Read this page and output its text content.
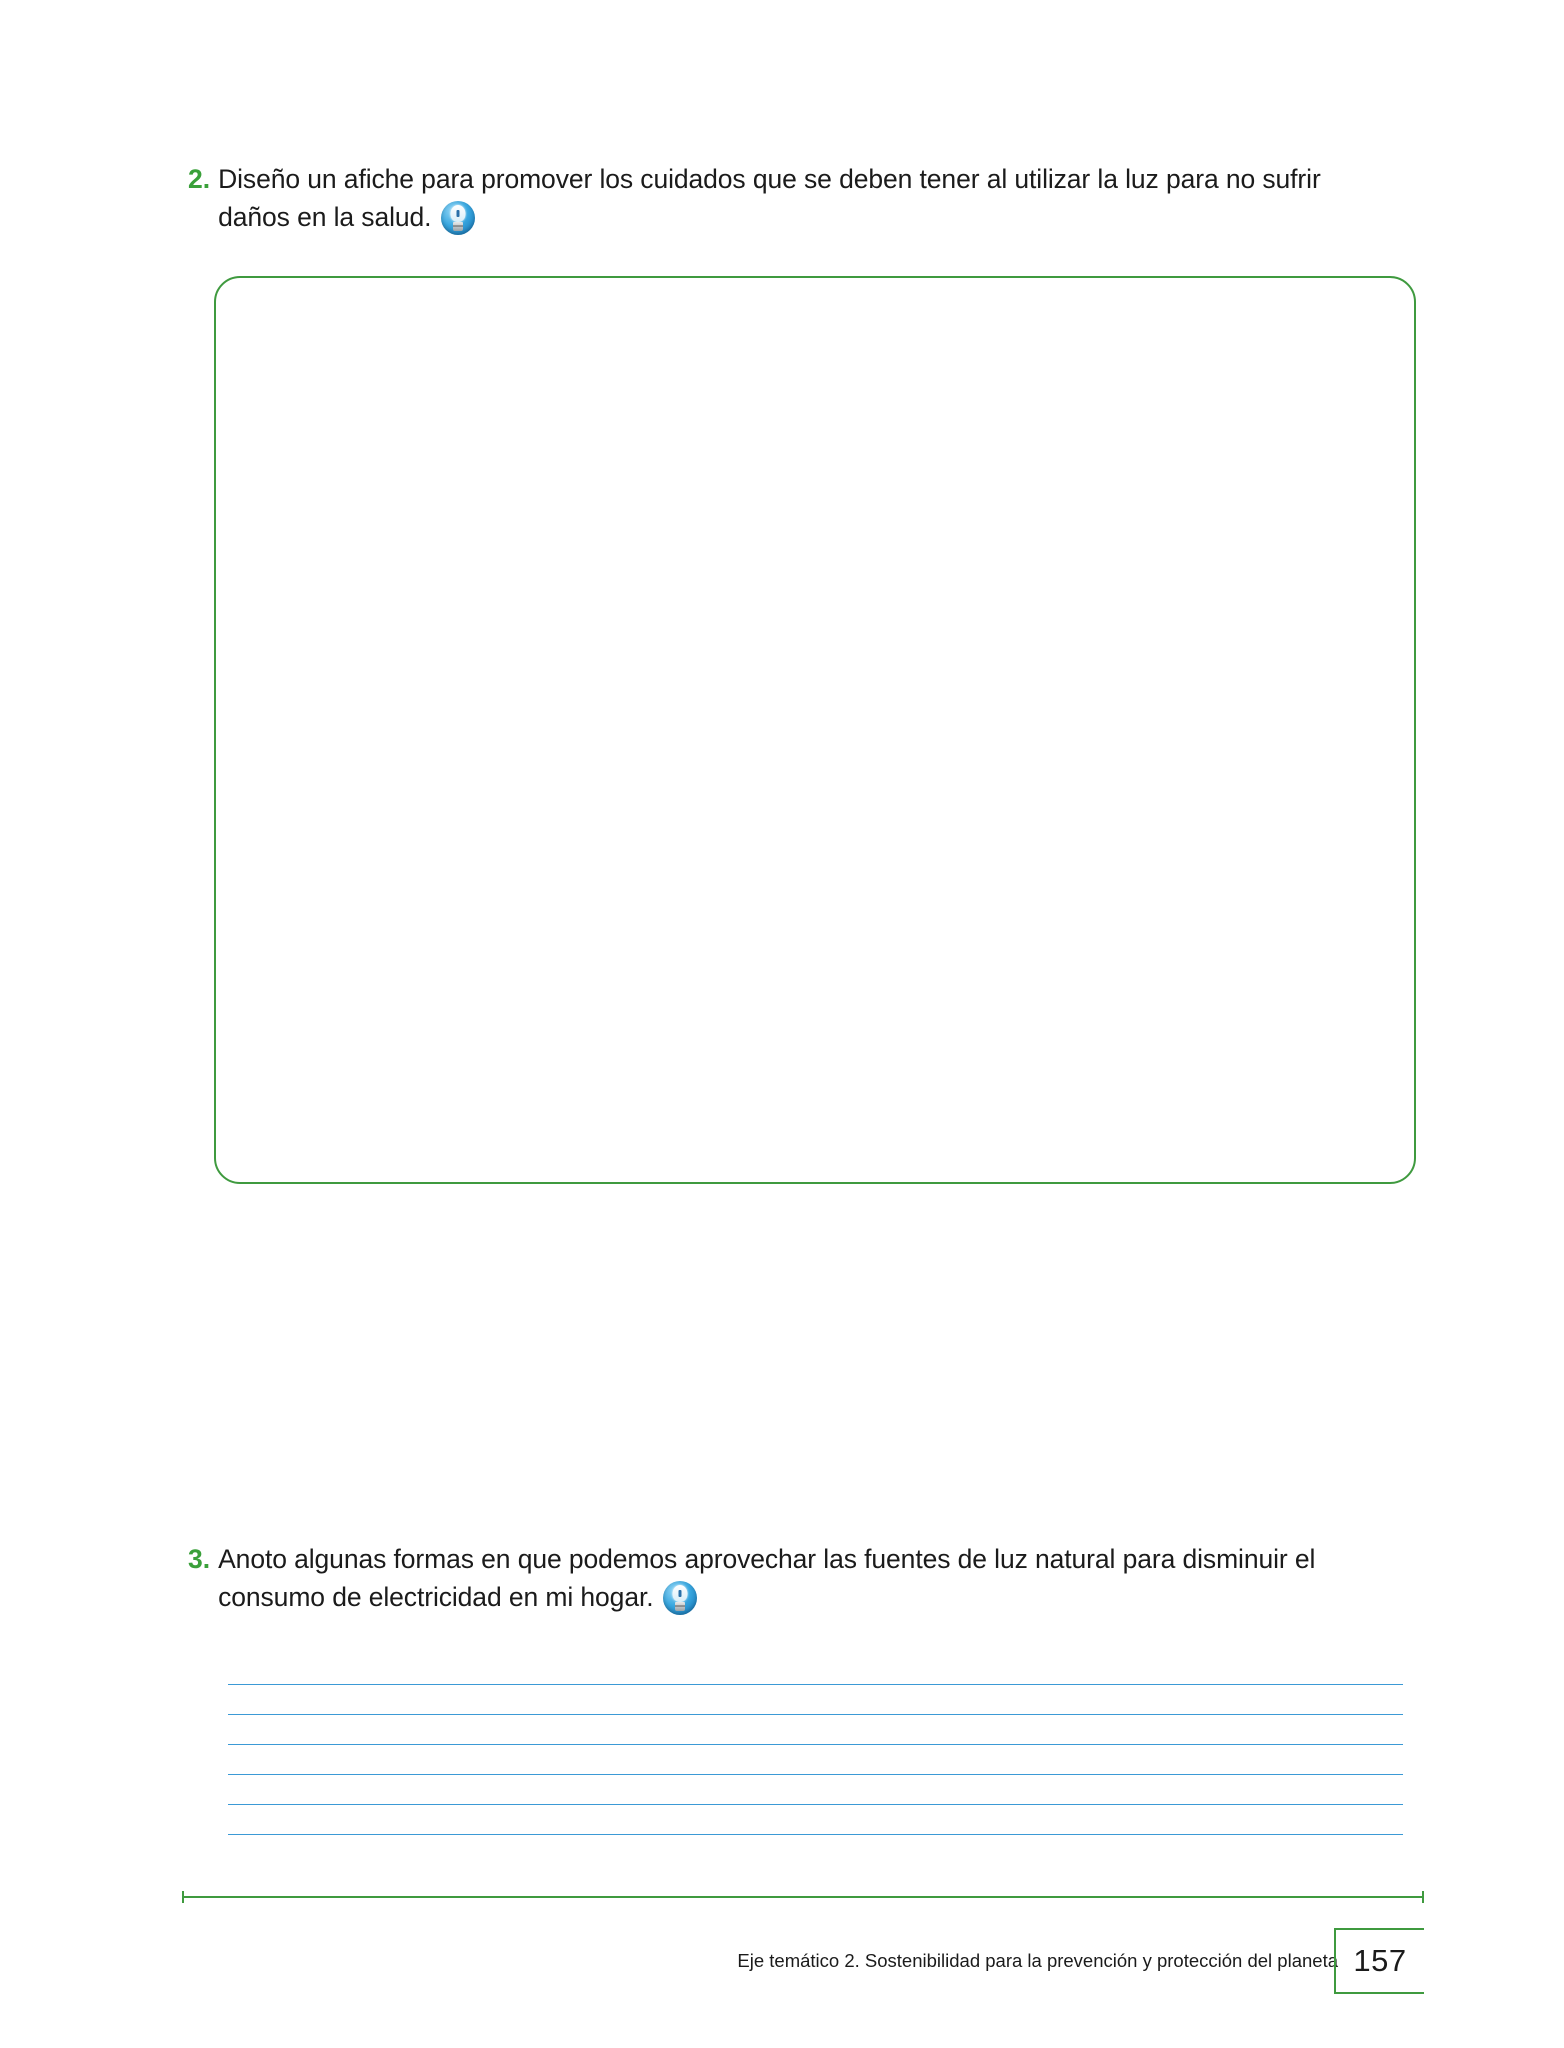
2. Diseño un afiche para promover los cuidados que se deben tener al utilizar la luz para no sufrir
daños en la salud.
3. Anoto algunas formas en que podemos aprovechar las fuentes de luz natural para disminuir el
consumo de electricidad en mi hogar.
Eje temático 2. Sostenibilidad para la prevención y protección del planeta 157
